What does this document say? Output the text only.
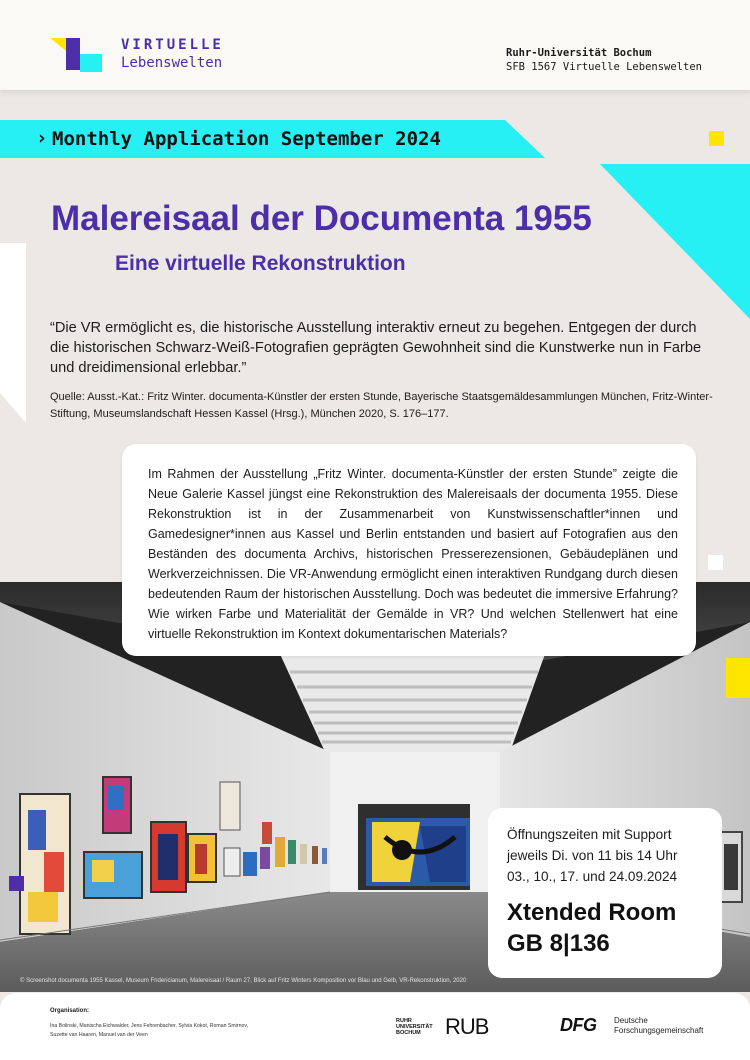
VIRTUELLE
Lebenswelten
Ruhr-Universität Bochum
SFB 1567 Virtuelle Lebenswelten
› Monthly Application September 2024
Malereisaal der Documenta 1955
Eine virtuelle Rekonstruktion
“Die VR ermöglicht es, die historische Ausstellung interaktiv erneut zu begehen. Entgegen der durch die historischen Schwarz-Weiß-Fotografien geprägten Gewohnheit sind die Kunstwerke nun in Farbe und dreidimensional erlebbar.”
Quelle: Ausst.-Kat.: Fritz Winter. documenta-Künstler der ersten Stunde, Bayerische Staatsgemäldesammlungen München, Fritz-Winter-Stiftung, Museumslandschaft Hessen Kassel (Hrsg.), München 2020, S. 176–177.
© Screenshot documenta 1955 Kassel, Museum Fridericianum, Malereisaal / Raum 27, Blick auf Fritz Winters Komposition vor Blau und Gelb, VR-Rekonstruktion, 2020

Im Rahmen der Ausstellung „Fritz Winter. documenta-Künstler der ersten Stunde” zeigte die Neue Galerie Kassel jüngst eine Rekonstruktion des Malereisaals der documenta 1955. Diese Rekonstruktion ist in der Zusammenarbeit von Kunstwissenschaftler*innen und Gamedesigner*innen aus Kassel und Berlin entstanden und basiert auf Fotografien aus den Beständen des documenta Archivs, historischen Presserezensionen, Gebäudeplänen und Werkverzeichnissen. Die VR-Anwendung ermöglicht einen interaktiven Rundgang durch diesen bedeutenden Raum der historischen Ausstellung. Doch was bedeutet die immersive Erfahrung? Wie wirken Farbe und Materialität der Gemälde in VR? Und welchen Stellenwert hat eine virtuelle Rekonstruktion im Kontext dokumentarischen Materials?

Öffnungszeiten mit Support
jeweils Di. von 11 bis 14 Uhr
03., 10., 17. und 24.09.2024
Xtended Room
GB 8|136
Organisation:
Ina Bolinski, Manischa Eichwalder, Jens Fehrenbacher, Sylvia Kokot, Roman Smirnov, Suzette van Haaren, Manuel van der Veen
RUHR
UNIVERSITÄT
BOCHUM	RUB	DFG Deutsche
Forschungsgemeinschaft
